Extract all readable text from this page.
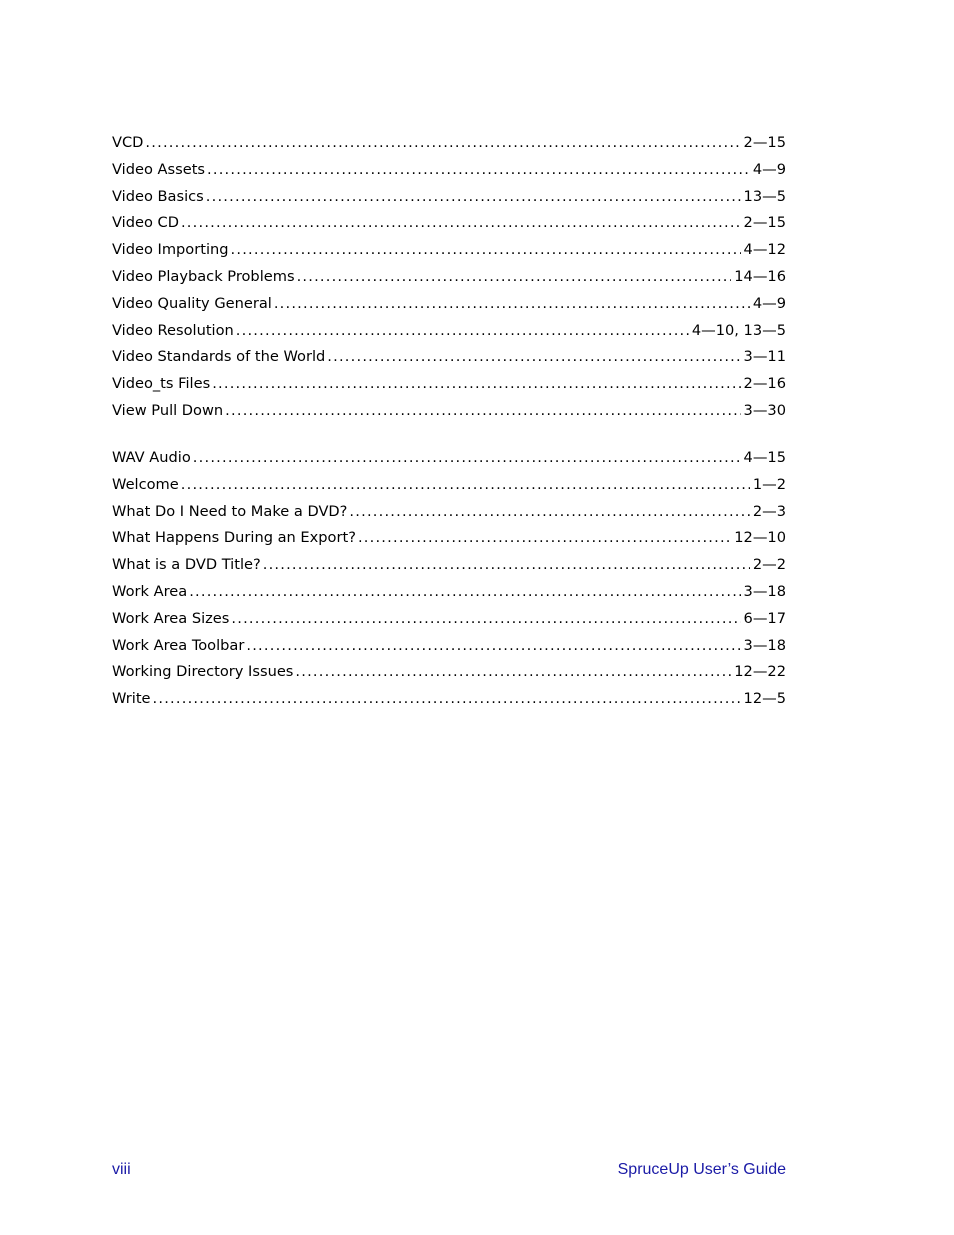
VCD .....	2—15
Video Assets .....	4—9
Video Basics .....	13—5
Video CD .....	2—15
Video Importing .....	4—12
Video Playback Problems .....	14—16
Video Quality General .....	4—9
Video Resolution .....	4—10, 13—5
Video Standards of the World .....	3—11
Video_ts Files .....	2—16
View Pull Down .....	3—30
WAV Audio .....	4—15
Welcome .....	1—2
What Do I Need to Make a DVD? .....	2—3
What Happens During an Export? .....	12—10
What is a DVD Title? .....	2—2
Work Area .....	3—18
Work Area Sizes .....	6—17
Work Area Toolbar .....	3—18
Working Directory Issues .....	12—22
Write .....	12—5
viii	SpruceUp User’s Guide
